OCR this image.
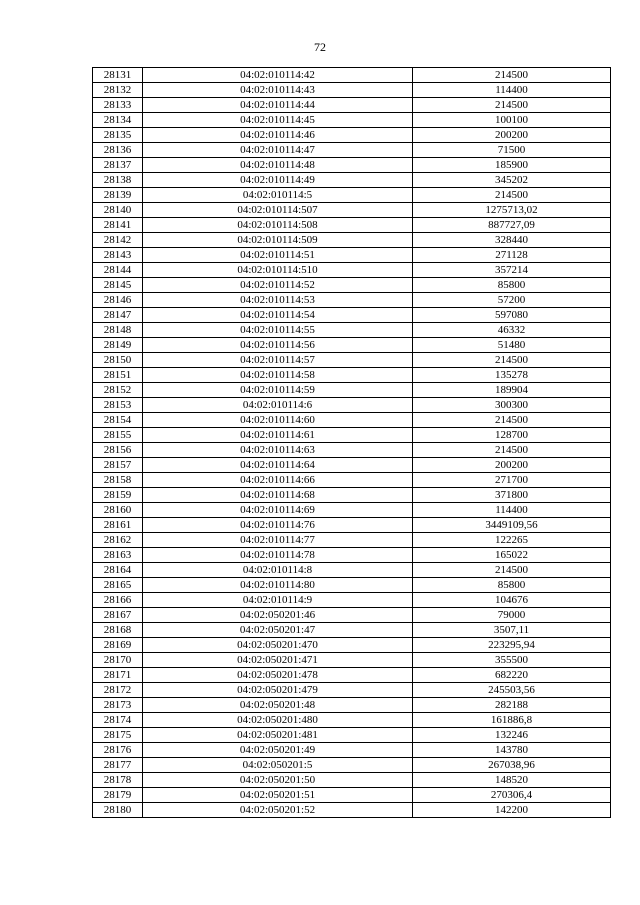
72
28131	04:02:010114:42	214500
28132	04:02:010114:43	114400
28133	04:02:010114:44	214500
28134	04:02:010114:45	100100
28135	04:02:010114:46	200200
28136	04:02:010114:47	71500
28137	04:02:010114:48	185900
28138	04:02:010114:49	345202
28139	04:02:010114:5	214500
28140	04:02:010114:507	1275713,02
28141	04:02:010114:508	887727,09
28142	04:02:010114:509	328440
28143	04:02:010114:51	271128
28144	04:02:010114:510	357214
28145	04:02:010114:52	85800
28146	04:02:010114:53	57200
28147	04:02:010114:54	597080
28148	04:02:010114:55	46332
28149	04:02:010114:56	51480
28150	04:02:010114:57	214500
28151	04:02:010114:58	135278
28152	04:02:010114:59	189904
28153	04:02:010114:6	300300
28154	04:02:010114:60	214500
28155	04:02:010114:61	128700
28156	04:02:010114:63	214500
28157	04:02:010114:64	200200
28158	04:02:010114:66	271700
28159	04:02:010114:68	371800
28160	04:02:010114:69	114400
28161	04:02:010114:76	3449109,56
28162	04:02:010114:77	122265
28163	04:02:010114:78	165022
28164	04:02:010114:8	214500
28165	04:02:010114:80	85800
28166	04:02:010114:9	104676
28167	04:02:050201:46	79000
28168	04:02:050201:47	3507,11
28169	04:02:050201:470	223295,94
28170	04:02:050201:471	355500
28171	04:02:050201:478	682220
28172	04:02:050201:479	245503,56
28173	04:02:050201:48	282188
28174	04:02:050201:480	161886,8
28175	04:02:050201:481	132246
28176	04:02:050201:49	143780
28177	04:02:050201:5	267038,96
28178	04:02:050201:50	148520
28179	04:02:050201:51	270306,4
28180	04:02:050201:52	142200
